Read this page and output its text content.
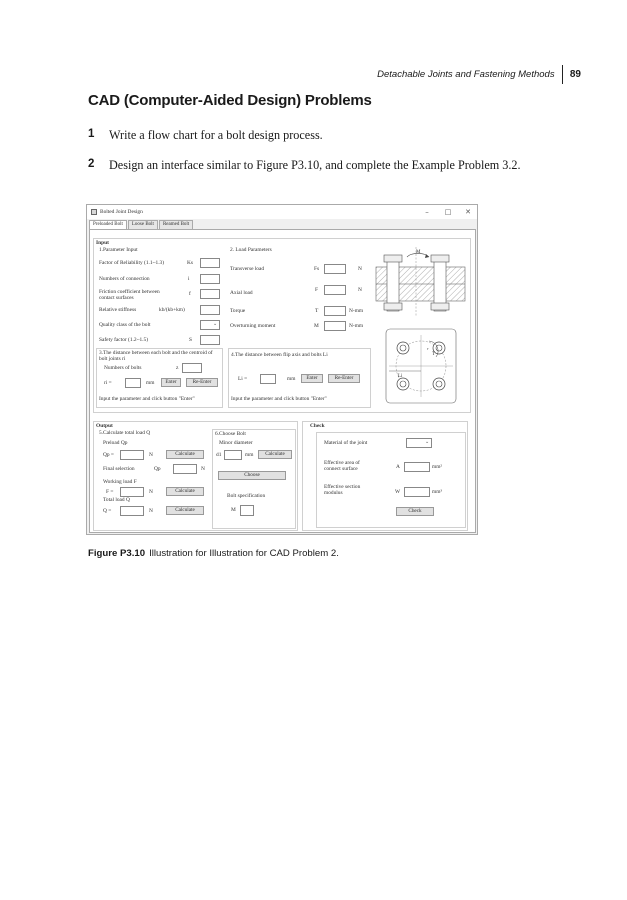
Detachable Joints and Fastening Methods	89
CAD (Computer-Aided Design) Problems
1	Write a flow chart for a bolt design process.
2	Design an interface similar to Figure P3.10, and complete the Example Problem 3.2.
Bolted Joint Design	–	□	✕
Preloaded Bolt	Loose Bolt	Reamed Bolt
Input
1.Parameter Input
Factor of Reliability (1.1~1.3)	Ks
Numbers of connection	i
Friction coefficient between contact surfaces
f
Relative stiffness	kb/(kb+km)
Quality class of the bolt	⌄
Safety factor (1.2~1.5)	S
2. Load Parameters
Transverse load	Fs	N
Axial load	F	N
Torque	T	N-mm
Overturning moment	M	N-mm
3.The distance between each bolt and the centroid of bolt joints ri
Numbers of bolts	z
ri =	mm	Enter	Re-Enter
Input the parameter and click button "Enter"
4.The distance between flip axis and bolts Li
Li =	mm	Enter	Re-Enter
Input the parameter and click button "Enter"
M
T
r
Li
Output
5.Calculate total load Q
Preload Qp
Qp =	N	Calculate
Final selection	Qp	N
Working load F
F =	N	Calculate
Total load Q
Q =	N	Calculate
6.Choose Bolt
Minor diameter
d1	mm	Calculate
Choose
Bolt specification
M
Check
Material of the joint	⌄
Effective area of connect surface	A	mm²
Effective section modulus	W	mm³
Check
Figure P3.10 Illustration for Illustration for CAD Problem 2.
